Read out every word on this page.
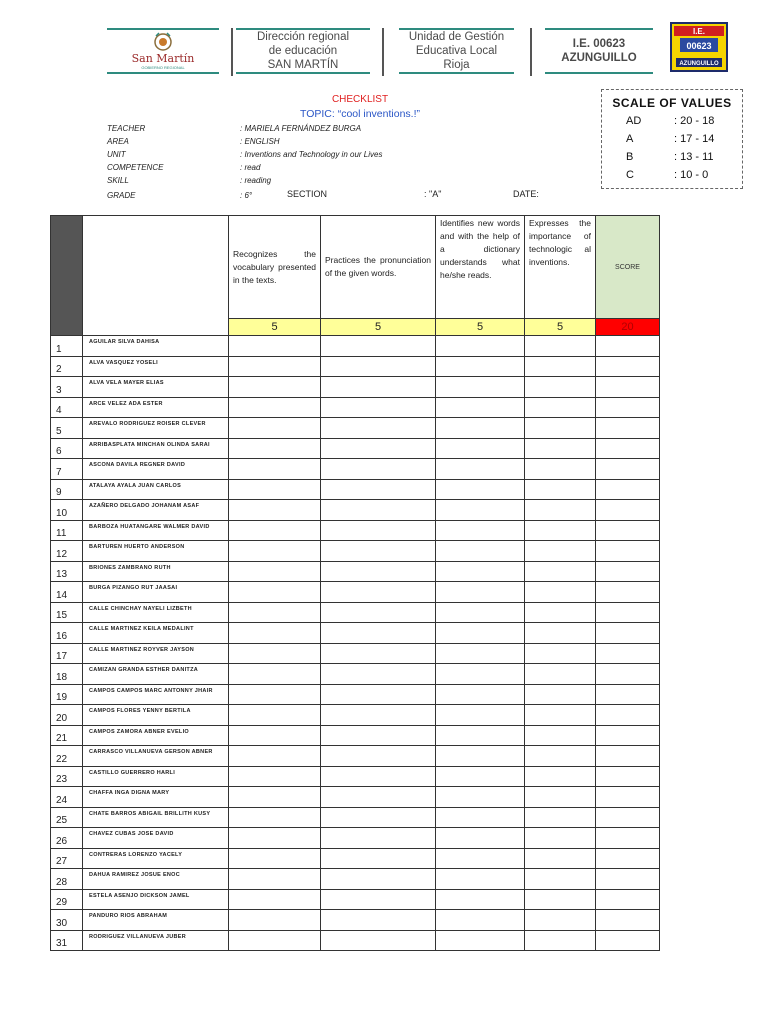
San Martín
GOBIERNO REGIONAL
Dirección regional
de educación
SAN MARTÍN
Unidad de Gestión
Educativa Local
Rioja
I.E. 00623
AZUNGUILLO
I.E.
00623
AZUNGUILLO
CHECKLIST
TOPIC: “cool inventions.!”
TEACHER	: MARIELA FERNÁNDEZ BURGA
AREA	: ENGLISH
UNIT	: Inventions and Technology in our Lives
COMPETENCE	: read
SKILL	: reading
GRADE	: 6°	SECTION	: "A"	DATE:
SCALE OF VALUES
AD	: 20 - 18
A	: 17 - 14
B	: 13 - 11
C	: 10 - 0
		Recognizes the vocabulary presented in the texts.	Practices the pronunciation of the given words.	Identifies new words and with the help of a dictionary understands what he/she reads.	Expresses the importance of technologic al inventions.	SCORE
		5	5	5	5	20
1	AGUILAR SILVA DAHISA					
2	ALVA VASQUEZ YOSELI					
3	ALVA VELA MAYER ELIAS					
4	ARCE VELEZ ADA ESTER					
5	AREVALO RODRIGUEZ ROISER CLEVER					
6	ARRIBASPLATA MINCHAN OLINDA SARAI					
7	ASCONA DAVILA REGNER DAVID					
9	ATALAYA AYALA JUAN CARLOS					
10	AZAÑERO DELGADO JOHANAM ASAF					
11	BARBOZA HUATANGARE WALMER DAVID					
12	BARTUREN HUERTO ANDERSON					
13	BRIONES ZAMBRANO RUTH					
14	BURGA PIZANGO RUT JAASAI					
15	CALLE CHINCHAY NAYELI LIZBETH					
16	CALLE MARTINEZ KEILA MEDALINT					
17	CALLE MARTINEZ ROYVER JAYSON					
18	CAMIZAN GRANDA ESTHER DANITZA					
19	CAMPOS CAMPOS MARC ANTONNY JHAIR					
20	CAMPOS FLORES YENNY BERTILA					
21	CAMPOS ZAMORA ABNER EVELIO					
22	CARRASCO VILLANUEVA GERSON ABNER					
23	CASTILLO GUERRERO HARLI					
24	CHAFFA INGA DIGNA MARY					
25	CHATE BARROS ABIGAIL BRILLITH KUSY					
26	CHAVEZ CUBAS JOSE DAVID					
27	CONTRERAS LORENZO YACELY					
28	DAHUA RAMIREZ JOSUE ENOC					
29	ESTELA ASENJO DICKSON JAMEL					
30	PANDURO RIOS ABRAHAM					
31	RODRIGUEZ VILLANUEVA JUBER					
